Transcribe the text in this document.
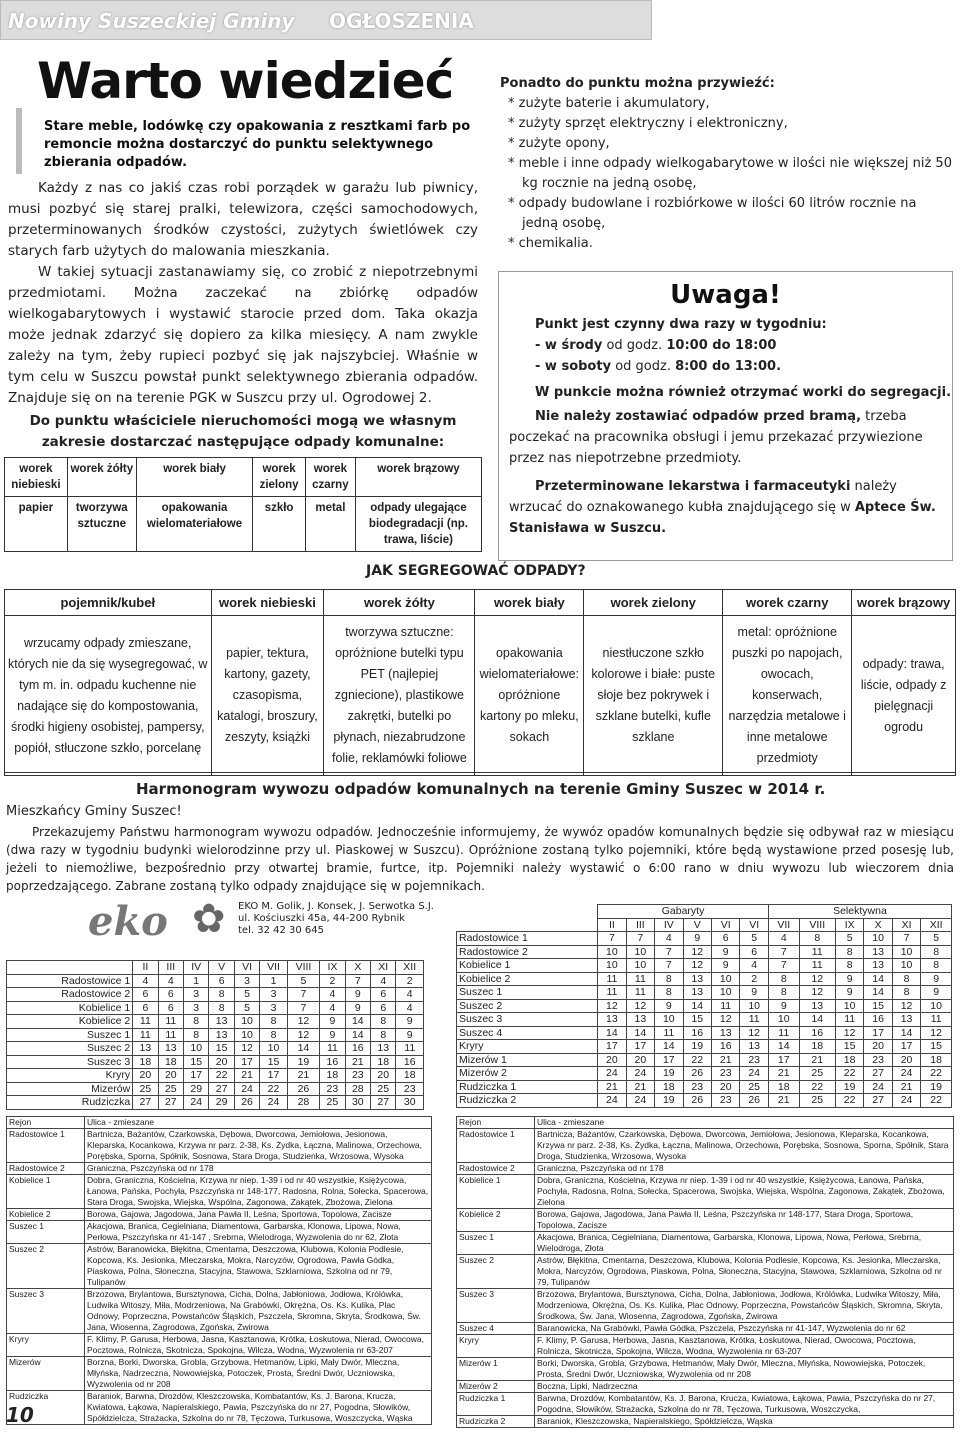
Nowiny Suszeckiej Gminy OGŁOSZENIA
Warto wiedzieć
Stare meble, lodówkę czy opakowania z resztkami farb po remoncie można dostarczyć do punktu selektywnego zbierania odpadów.
Każdy z nas co jakiś czas robi porządek w garażu lub piwnicy, musi pozbyć się starej pralki, telewizora, części samochodowych, przeterminowanych środków czystości, zużytych świetlówek czy starych farb użytych do malowania mieszkania.
W takiej sytuacji zastanawiamy się, co zrobić z niepotrzebnymi przedmiotami. Można zaczekać na zbiórkę odpadów wielkogabarytowych i wystawić starocie przed dom. Taka okazja może jednak zdarzyć się dopiero za kilka miesięcy. A nam zwykle zależy na tym, żeby rupieci pozbyć się jak najszybciej. Właśnie w tym celu w Suszcu powstał punkt selektywnego zbierania odpadów. Znajduje się on na terenie PGK w Suszcu przy ul. Ogrodowej 2.
Do punktu właściciele nieruchomości mogą we własnym zakresie dostarczać następujące odpady komunalne:
worek niebieski	worek żółty	worek biały	worek zielony	worek czarny	worek brązowy
papier	tworzywa sztuczne	opakowania wielomateriałowe	szkło	metal	odpady ulegające biodegradacji (np. trawa, liście)
Ponadto do punktu można przywieźć:
* zużyte baterie i akumulatory,
* zużyty sprzęt elektryczny i elektroniczny,
* zużyte opony,
* meble i inne odpady wielkogabarytowe w ilości nie większej niż 50 kg rocznie na jedną osobę,
* odpady budowlane i rozbiórkowe w ilości 60 litrów rocznie na jedną osobę,
* chemikalia.
Uwaga!
Punkt jest czynny dwa razy w tygodniu:
- w środy od godz. 10:00 do 18:00
- w soboty od godz. 8:00 do 13:00.
W punkcie można również otrzymać worki do segregacji.
Nie należy zostawiać odpadów przed bramą, trzeba poczekać na pracownika obsługi i jemu przekazać przywiezione przez nas niepotrzebne przedmioty.
Przeterminowane lekarstwa i farmaceutyki należy wrzucać do oznakowanego kubła znajdującego się w Aptece Św. Stanisława w Suszcu.
JAK SEGREGOWAĆ ODPADY?
pojemnik/kubeł	worek niebieski	worek żółty	worek biały	worek zielony	worek czarny	worek brązowy
wrzucamy odpady zmieszane, których nie da się wysegregować, w tym m. in. odpadu kuchenne nie nadające się do kompostowania, środki higieny osobistej, pampersy, popiół, stłuczone szkło, porcelanę	papier, tektura, kartony, gazety, czasopisma, katalogi, broszury, zeszyty, książki	tworzywa sztuczne: opróżnione butelki typu PET (najlepiej zgniecione), plastikowe zakrętki, butelki po płynach, niezabrudzone folie, reklamówki foliowe	opakowania wielomateriałowe: opróżnione kartony po mleku, sokach	niestłuczone szkło kolorowe i białe: puste słoje bez pokrywek i szklane butelki, kufle szklane	metal: opróżnione puszki po napojach, owocach, konserwach, narzędzia metalowe i inne metalowe przedmioty	odpady: trawa, liście, odpady z pielęgnacji ogrodu
Harmonogram wywozu odpadów komunalnych na terenie Gminy Suszec w 2014 r.
Mieszkańcy Gminy Suszec!
Przekazujemy Państwu harmonogram wywozu odpadów. Jednocześnie informujemy, że wywóz opadów komunalnych będzie się odbywał raz w miesiącu (dwa razy w tygodniu budynki wielorodzinne przy ul. Piaskowej w Suszcu). Opróżnione zostaną tylko pojemniki, które będą wystawione przed posesję lub, jeżeli to niemożliwe, bezpośrednio przy otwartej bramie, furtce, itp. Pojemniki należy wystawić o 6:00 rano w dniu wywozu lub wieczorem dnia poprzedzającego. Zabrane zostaną tylko odpady znajdujące się w pojemnikach.
eko ✿	EKO M. Golik, J. Konsek, J. Serwotka S.J.
ul. Kościuszki 45a, 44-200 Rybnik
tel. 32 42 30 645
	II	III	IV	V	VI	VII	VIII	IX	X	XI	XII
Radostowice 1	4	4	1	6	3	1	5	2	7	4	2
Radostowice 2	6	6	3	8	5	3	7	4	9	6	4
Kobielice 1	6	6	3	8	5	3	7	4	9	6	4
Kobielice 2	11	11	8	13	10	8	12	9	14	8	9
Suszec 1	11	11	8	13	10	8	12	9	14	8	9
Suszec 2	13	13	10	15	12	10	14	11	16	13	11
Suszec 3	18	18	15	20	17	15	19	16	21	18	16
Kryry	20	20	17	22	21	17	21	18	23	20	18
Mizerów	25	25	29	27	24	22	26	23	28	25	23
Rudziczka	27	27	24	29	26	24	28	25	30	27	30
	Gabaryty						Selektywna					
	II	III	IV	V	VI	VI	VII	VIII	IX	X	XI	XII
Radostowice 1	7	7	4	9	6	5	4	8	5	10	7	5
Radostowice 2	10	10	7	12	9	6	7	11	8	13	10	8
Kobielice 1	10	10	7	12	9	4	7	11	8	13	10	8
Kobielice 2	11	11	8	13	10	2	8	12	9	14	8	9
Suszec 1	11	11	8	13	10	9	8	12	9	14	8	9
Suszec 2	12	12	9	14	11	10	9	13	10	15	12	10
Suszec 3	13	13	10	15	12	11	10	14	11	16	13	11
Suszec 4	14	14	11	16	13	12	11	16	12	17	14	12
Kryry	17	17	14	19	16	13	14	18	15	20	17	15
Mizerów 1	20	20	17	22	21	23	17	21	18	23	20	18
Mizerów 2	24	24	19	26	23	24	21	25	22	27	24	22
Rudziczka 1	21	21	18	23	20	25	18	22	19	24	21	19
Rudziczka 2	24	24	19	26	23	26	21	25	22	27	24	22
Rejon	Ulica - zmieszane
Radostowice 1	Bartnicza, Bażantów, Czarkowska, Dębowa, Dworcowa, Jemiołowa, Jesionowa, Kleparska, Kocankowa, Krzywa nr parz. 2-38, Ks. Żydka, Łączna, Malinowa, Orzechowa, Porębska, Sporna, Spółnik, Sosnowa, Stara Droga, Studzienka, Wrzosowa, Wysoka
Radostowice 2	Graniczna, Pszczyńska od nr 178
Kobielice 1	Dobra, Graniczna, Kościelna, Krzywa nr niep. 1-39 i od nr 40 wszystkie, Księżycowa, Łanowa, Pańska, Pochyła, Pszczyńska nr 148-177, Radosna, Rolna, Sołecka, Spacerowa, Stara Droga, Swojska, Wiejska, Wspólna, Zagonowa, Zakątek, Zbożowa, Zielona
Kobielice 2	Borowa, Gajowa, Jagodowa, Jana Pawła II, Leśna, Sportowa, Topolowa, Zacisze
Suszec 1	Akacjowa, Branica, Cegielniana, Diamentowa, Garbarska, Klonowa, Lipowa, Nowa, Perłowa, Pszczyńska nr 41-147 , Srebrna, Wielodroga, Wyzwolenia do nr 62, Złota
Suszec 2	Astrów, Baranowicka, Błękitna, Cmentarna, Deszczowa, Klubowa, Kolonia Podlesie, Kopcowa, Ks. Jesionka, Mleczarska, Mokra, Narcyzów, Ogrodowa, Pawła Gódka, Piaskowa, Polna, Słoneczna, Stacyjna, Stawowa, Szklarniowa, Szkolna od nr 79, Tulipanów
Suszec 3	Brzozowa, Brylantowa, Bursztynowa, Cicha, Dolna, Jabłoniowa, Jodłowa, Królówka, Ludwika Witoszy, Miła, Modrzeniowa, Na Grabówki, Okrężna, Os. Ks. Kulika, Plac Odnowy, Poprzeczna, Powstańców Śląskich, Pszczela, Skromna, Skryta, Środkowa, Św. Jana, Wiosenna, Zagrodowa, Zgońska, Żwirowa
Kryry	F. Klimy, P. Garusa, Herbowa, Jasna, Kasztanowa, Krótka, Łoskutowa, Nierad, Owocowa, Pocztowa, Rolnicza, Skotnicza, Spokojna, Wilcza, Wodna, Wyzwolenia nr 63-207
Mizerów	Borzna, Borki, Dworska, Grobla, Grzybowa, Hetmanów, Lipki, Mały Dwór, Mleczna, Młyńska, Nadrzeczna, Nowowiejska, Potoczek, Prosta, Średni Dwór, Uczniowska, Wyzwolenia od nr 208
Rudziczka	Baraniok, Barwna, Drozdów, Kleszczowska, Kombatantów, Ks. J. Barona, Krucza, Kwiatowa, Łąkowa, Napieralskiego, Pawia, Pszczyńska do nr 27, Pogodna, Słowików, Spółdzielcza, Strażacka, Szkolna do nr 78, Tęczowa, Turkusowa, Woszczycka, Wąska
Rejon	Ulica - zmieszane
Radostowice 1	Bartnicza, Bażantów, Czarkowska, Dębowa, Dworcowa, Jemiołowa, Jesionowa, Kleparska, Kocankowa, Krzywa nr parz. 2-38, Ks. Żydka, Łączna, Malinowa, Orzechowa, Porębska, Sosnowa, Sporna, Spółnik, Stara Droga, Studzienka, Wrzosowa, Wysoka
Radostowice 2	Graniczna, Pszczyńska od nr 178
Kobielice 1	Dobra, Graniczna, Kościelna, Krzywa nr niep. 1-39 i od nr 40 wszystkie, Księżycowa, Łanowa, Pańska, Pochyła, Radosna, Rolna, Sołecka, Spacerowa, Swojska, Wiejska, Wspólna, Zagonowa, Zakątek, Zbożowa, Zielona
Kobielice 2	Borowa, Gajowa, Jagodowa, Jana Pawła II, Leśna, Pszczyńska nr 148-177, Stara Droga, Sportowa, Topolowa, Zacisze
Suszec 1	Akacjowa, Branica, Cegielniana, Diamentowa, Garbarska, Klonowa, Lipowa, Nowa, Perłowa, Srebrna, Wielodroga, Złota
Suszec 2	Astrów, Błękitna, Cmentarna, Deszczowa, Klubowa, Kolonia Podlesie, Kopcowa, Ks. Jesionka, Mleczarska, Mokra, Narcyzów, Ogrodowa, Piaskowa, Polna, Słoneczna, Stacyjna, Stawowa, Szklarniowa, Szkolna od nr 79, Tulipanów
Suszec 3	Brzozowa, Brylantowa, Bursztynowa, Cicha, Dolna, Jabłoniowa, Jodłowa, Królówka, Ludwika Witoszy, Miła, Modrzeniowa, Okrężna, Os. Ks. Kulika, Plac Odnowy, Poprzeczna, Powstańców Śląskich, Skromna, Skryta, Środkowa, Św. Jana, Wiosenna, Zagrodowa, Zgońska, Żwirowa
Suszec 4	Baranowicka, Na Grabówki, Pawła Gódka, Pszczela, Pszczyńska nr 41-147, Wyzwolenia do nr 62
Kryry	F. Klimy, P. Garusa, Herbowa, Jasna, Kasztanowa, Krótka, Łoskutowa, Nierad, Owocowa, Pocztowa, Rolnicza, Skotnicza, Spokojna, Wilcza, Wodna, Wyzwolenia nr 63-207
Mizerów 1	Borki, Dworska, Grobla, Grzybowa, Hetmanów, Mały Dwór, Mleczna, Młyńska, Nowowiejska, Potoczek, Prosta, Średni Dwór, Uczniowska, Wyzwolenia od nr 208
Mizerów 2	Boczna, Lipki, Nadrzeczna
Rudziczka 1	Barwna, Drozdów, Kombatantów, Ks. J. Barona, Krucza, Kwiatowa, Łąkowa, Pawia, Pszczyńska do nr 27, Pogodna, Słowików, Strażacka, Szkolna do nr 78, Tęczowa, Turkusowa, Woszczycka,
Rudziczka 2	Baraniok, Kleszczowska, Napieralskiego, Spółdzielcza, Wąska
10
